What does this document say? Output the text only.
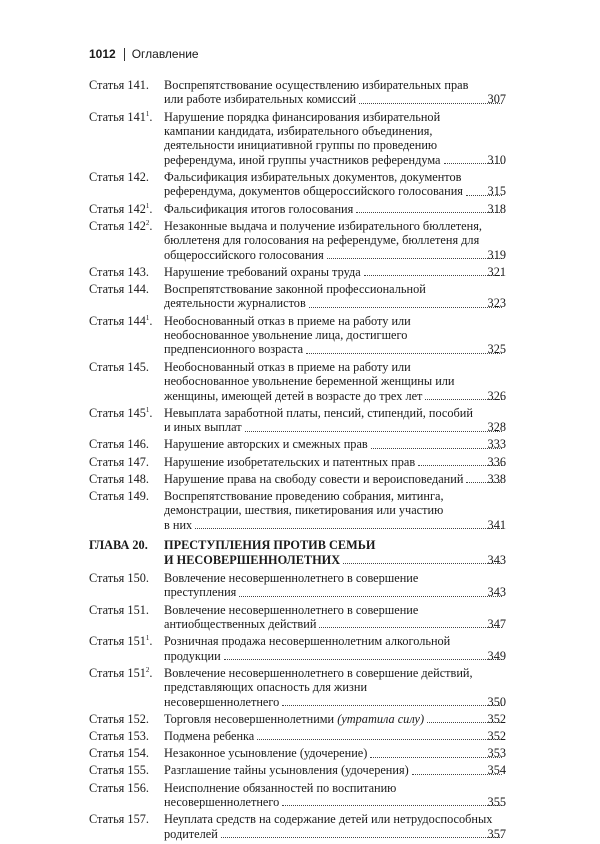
1012 Оглавление
Статья 141. Воспрепятствование осуществлению избирательных прав
или работе избирательных комиссий	307
Статья $141^1$. Нарушение порядка финансирования избирательной
кампании кандидата, избирательного объединения,
деятельности инициативной группы по проведению
референдума, иной группы участников референдума	310
Статья 142. Фальсификация избирательных документов, документов
референдума, документов общероссийского голосования 315
Статья $142^1$. Фальсификация итогов голосования	318
Статья $142^2$. Незаконные выдача и получение избирательного бюллетеня,
бюллетеня для голосования на референдуме, бюллетеня для
общероссийского голосования	319
Статья 143. Нарушение требований охраны труда	321
Статья 144. Воспрепятствование законной профессиональной
деятельности журналистов	323
Статья $144^1$. Необоснованный отказ в приеме на работу или
необоснованное увольнение лица, достигшего
предпенсионного возраста	325
Статья 145. Необоснованный отказ в приеме на работу или
необоснованное увольнение беременной женщины или
женщины, имеющей детей в возрасте до трех лет	326
Статья $145^1$. Невыплата заработной платы, пенсий, стипендий, пособий
и иных выплат	328
Статья 146. Нарушение авторских и смежных прав	333
Статья 147. Нарушение изобретательских и патентных прав	336
Статья 148. Нарушение права на свободу совести и вероисповеданий 338
Статья 149. Воспрепятствование проведению собрания, митинга,
демонстрации, шествия, пикетирования или участию
в них	341
ГЛАВА 20. ПРЕСТУПЛЕНИЯ ПРОТИВ СЕМЬИ
И НЕСОВЕРШЕННОЛЕТНИХ	343
Статья 150. Вовлечение несовершеннолетнего в совершение
преступления	343
Статья 151. Вовлечение несовершеннолетнего в совершение
антиобщественных действий	347
Статья $151^1$. Розничная продажа несовершеннолетним алкогольной
продукции	349
Статья $151^2$. Вовлечение несовершеннолетнего в совершение действий,
представляющих опасность для жизни
несовершеннолетнего	350
Статья 152. Торговля несовершеннолетними
(утратила силу)	352
Статья 153. Подмена ребенка	352
Статья 154. Незаконное усыновление (удочерение)	353
Статья 155. Разглашение тайны усыновления (удочерения)	354
Статья 156. Неисполнение обязанностей по воспитанию
несовершеннолетнего	355
Статья 157. Неуплата средств на содержание детей или нетрудоспособных
родителей	357
